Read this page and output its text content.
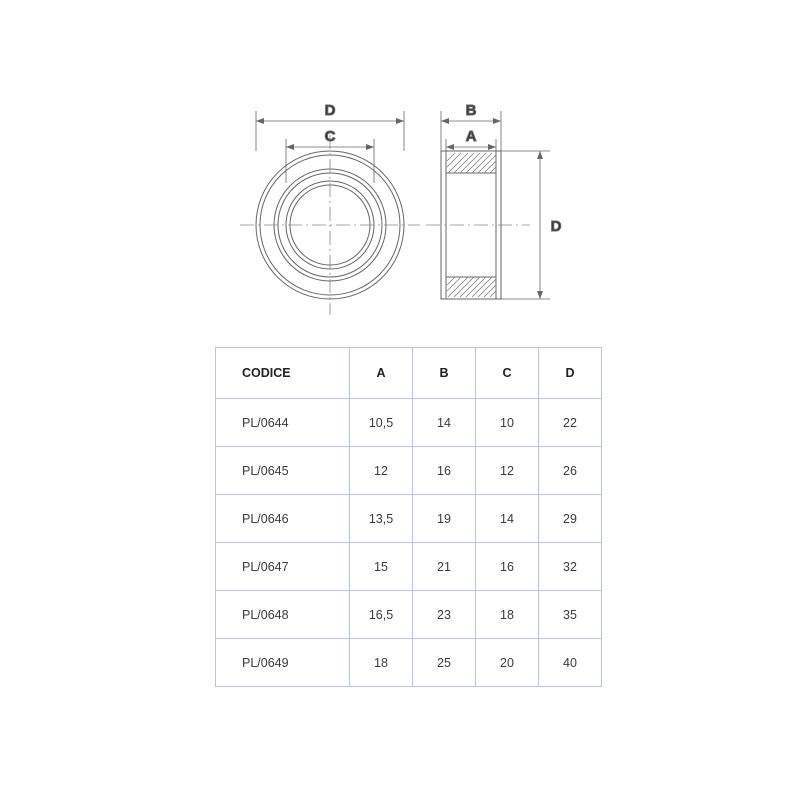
D
C
B
A
D
CODICE	A	B	C	D
PL/0644	10,5	14	10	22
PL/0645	12	16	12	26
PL/0646	13,5	19	14	29
PL/0647	15	21	16	32
PL/0648	16,5	23	18	35
PL/0649	18	25	20	40
